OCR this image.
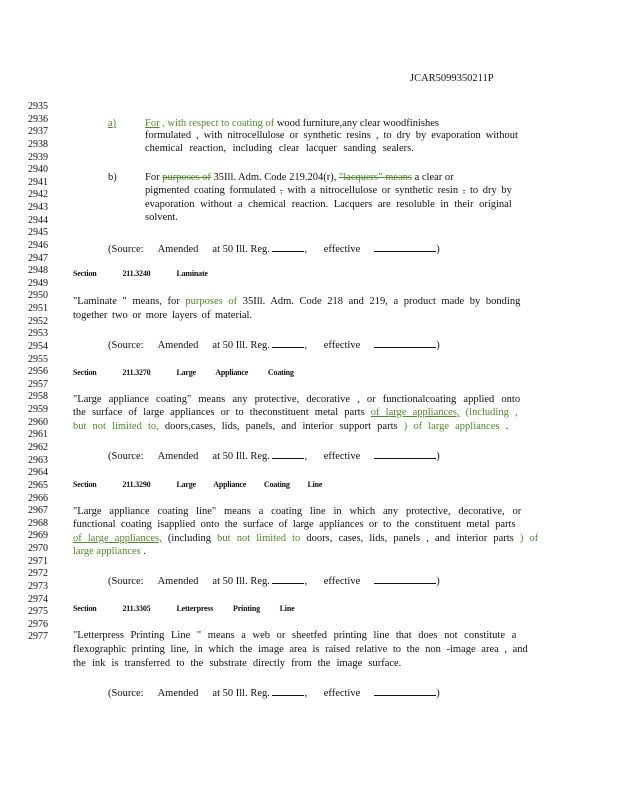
JCAR5099350211P
2935
2936
2937
2938
2939
2940
2941
2942
2943
2944
2945
2946
2947
2948
2949
2950
2951
2952
2953
2954
2955
2956
2957
2958
2959
2960
2961
2962
2963
2964
2965
2966
2967
2968
2969
2970
2971
2972
2973
2974
2975
2976
2977
a)	For , with respect to coating of wood furniture,any clear woodfinishes
formulated , with nitrocellulose or synthetic resins , to dry by evaporation without
chemical reaction, including clear lacquer sanding sealers.
b)	For purposes of 35Ill. Adm. Code 219.204(r), "lacquers" means a clear or
pigmented coating formulated , with a nitrocellulose or synthetic resin , to dry by
evaporation without a chemical reaction. Lacquers are resoluble in their original
solvent.
(Source: Amended at 50 Ill. Reg.	, effective	)
(Source: Amended at 50 Ill. Reg.	, effective	)
(Source: Amended at 50 Ill. Reg.	, effective	)
(Source: Amended at 50 Ill. Reg.	, effective	)
(Source: Amended at 50 Ill. Reg.	, effective	)
Section	211.3240	Laminate
"Laminate " means, for purposes of 35Ill. Adm. Code 218 and 219, a product made by bonding
together two or more layers of material.
Section	211.3270	Large Appliance Coating
"Large appliance coating" means any protective, decorative , or functionalcoating applied onto
the surface of large appliances or to theconstituent metal parts of large appliances, (including ,
but not limited to, doors,cases, lids, panels, and interior support parts ) of large appliances .
Section	211.3290	Large Appliance Coating Line
"Large appliance coating line" means a coating line in which any protective, decorative, or
functional coating isapplied onto the surface of large appliances or to the constituent metal parts
of large appliances, (including but not limited to doors, cases, lids, panels , and interior parts ) of
large appliances .
Section	211.3305	Letterpress Printing Line
"Letterpress Printing Line " means a web or sheetfed printing line that does not constitute a
flexographic printing line, in which the image area is raised relative to the non -image area , and
the ink is transferred to the substrate directly from the image surface.
